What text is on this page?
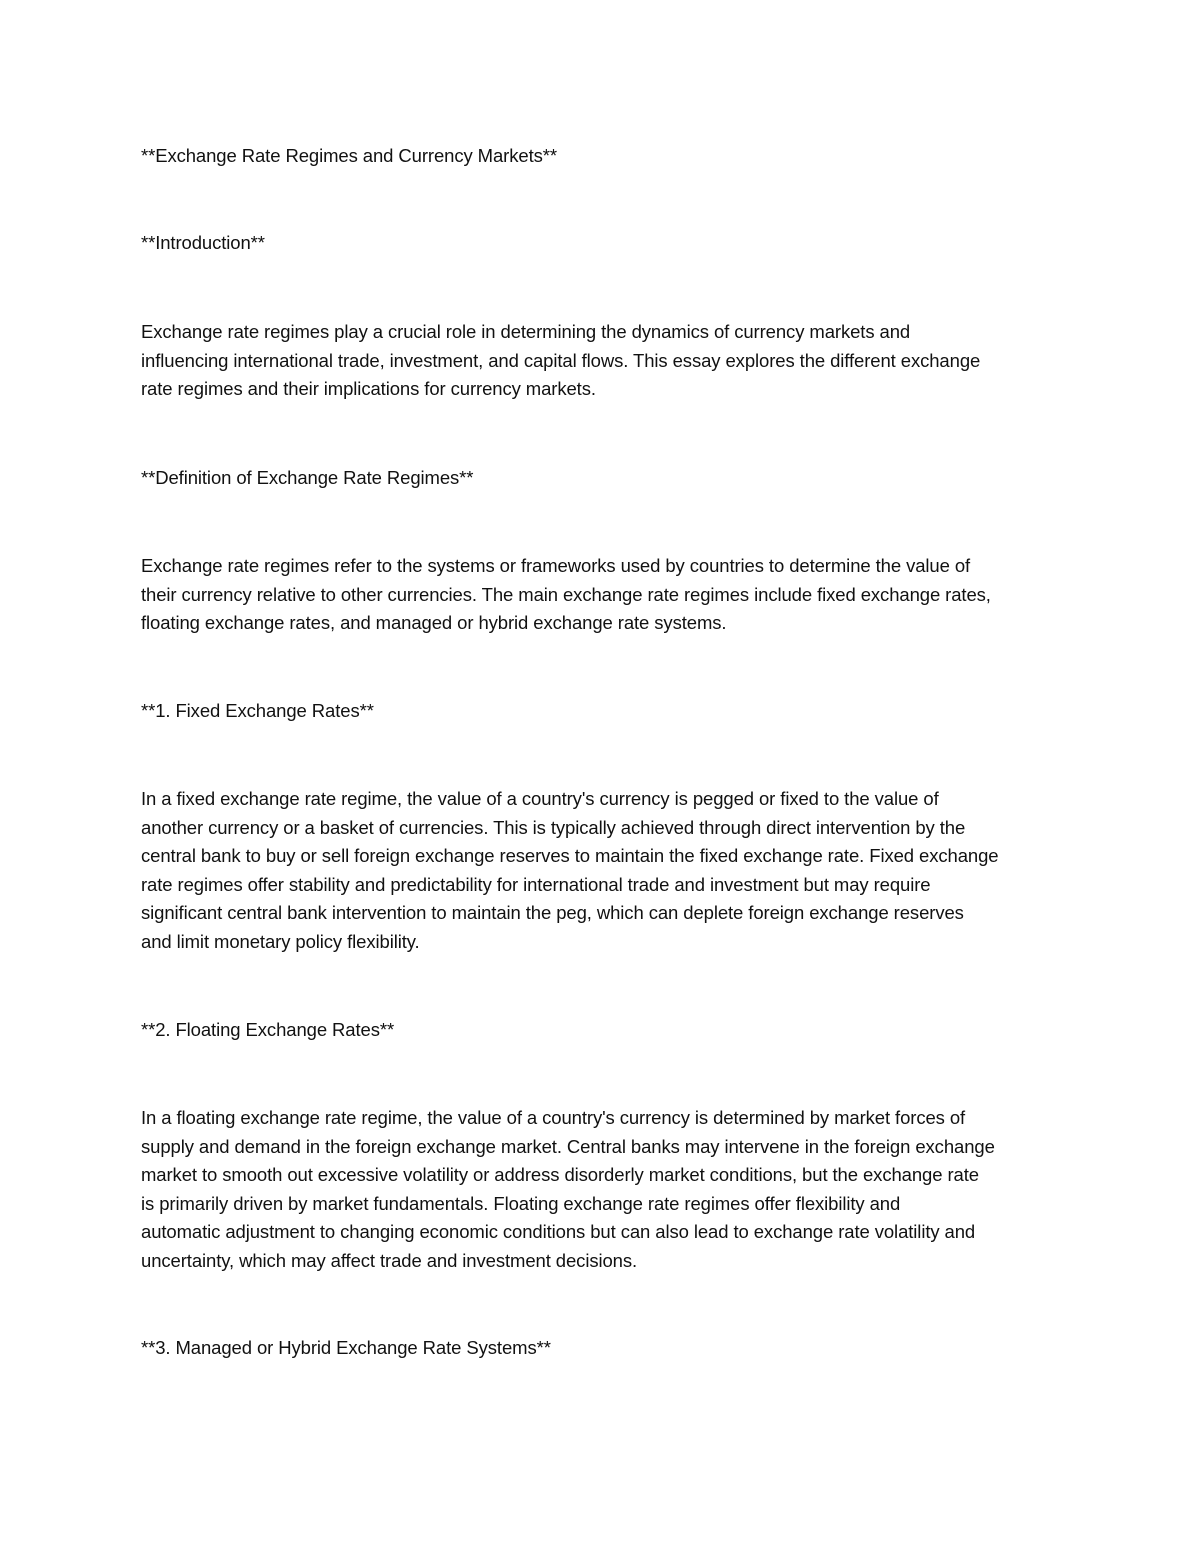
**Exchange Rate Regimes and Currency Markets**
**Introduction**
Exchange rate regimes play a crucial role in determining the dynamics of currency markets and
influencing international trade, investment, and capital flows. This essay explores the different exchange
rate regimes and their implications for currency markets.
**Definition of Exchange Rate Regimes**
Exchange rate regimes refer to the systems or frameworks used by countries to determine the value of
their currency relative to other currencies. The main exchange rate regimes include fixed exchange rates,
floating exchange rates, and managed or hybrid exchange rate systems.
**1. Fixed Exchange Rates**
In a fixed exchange rate regime, the value of a country's currency is pegged or fixed to the value of
another currency or a basket of currencies. This is typically achieved through direct intervention by the
central bank to buy or sell foreign exchange reserves to maintain the fixed exchange rate. Fixed exchange
rate regimes offer stability and predictability for international trade and investment but may require
significant central bank intervention to maintain the peg, which can deplete foreign exchange reserves
and limit monetary policy flexibility.
**2. Floating Exchange Rates**
In a floating exchange rate regime, the value of a country's currency is determined by market forces of
supply and demand in the foreign exchange market. Central banks may intervene in the foreign exchange
market to smooth out excessive volatility or address disorderly market conditions, but the exchange rate
is primarily driven by market fundamentals. Floating exchange rate regimes offer flexibility and
automatic adjustment to changing economic conditions but can also lead to exchange rate volatility and
uncertainty, which may affect trade and investment decisions.
**3. Managed or Hybrid Exchange Rate Systems**
